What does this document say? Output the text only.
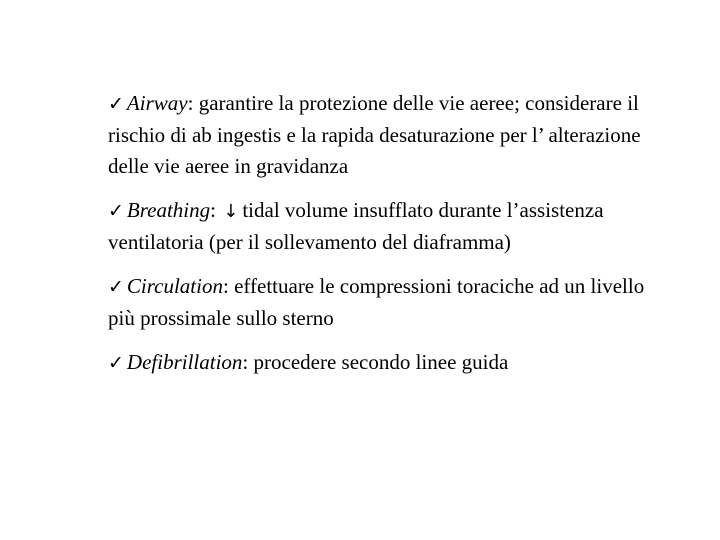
✓ Airway: garantire la protezione delle vie aeree; considerare il rischio di ab ingestis e la rapida desaturazione per l’ alterazione delle vie aeree in gravidanza
✓ Breathing: ↓ tidal volume insufflato durante l’assistenza ventilatoria (per il sollevamento del diaframma)
✓ Circulation: effettuare le compressioni toraciche ad un livello più prossimale sullo sterno
✓ Defibrillation: procedere secondo linee guida
